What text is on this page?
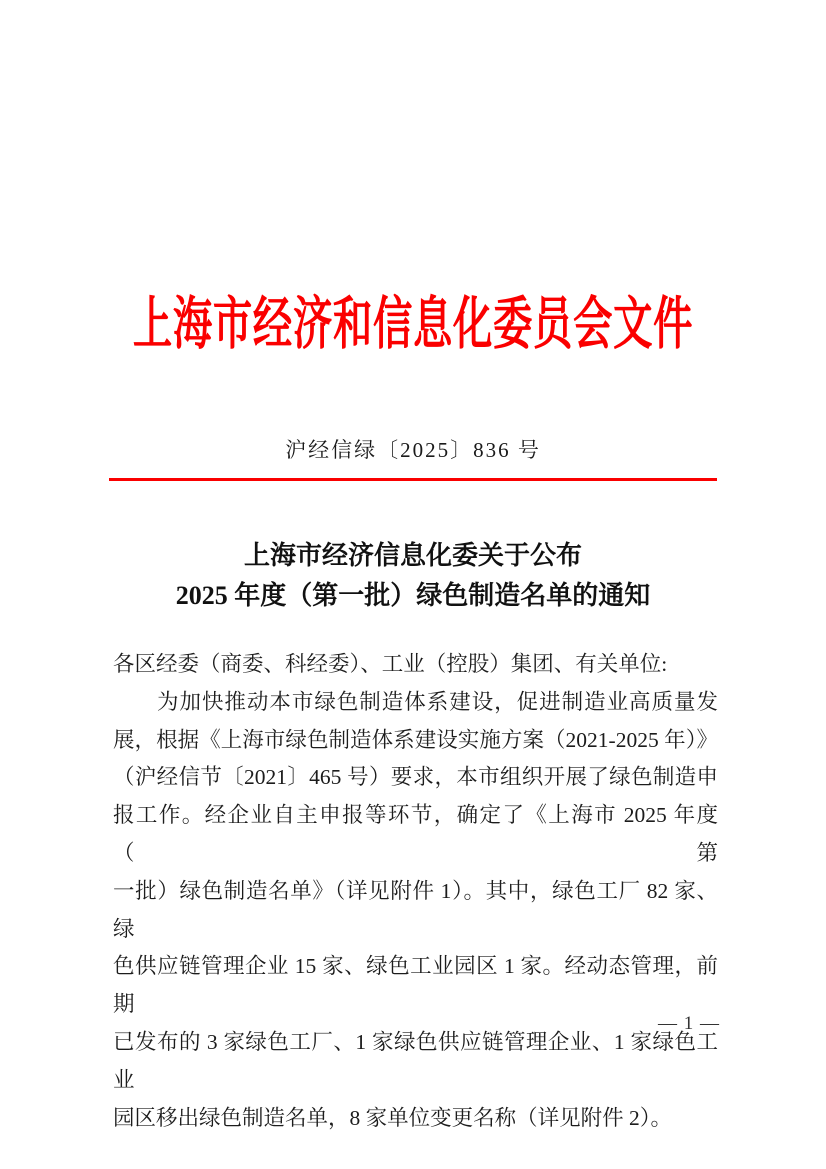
上海市经济和信息化委员会文件
沪经信绿〔2025〕836 号
上海市经济信息化委关于公布
2025 年度（第一批）绿色制造名单的通知
各区经委（商委、科经委）、工业（控股）集团、有关单位:
为加快推动本市绿色制造体系建设，促进制造业高质量发
展，根据《上海市绿色制造体系建设实施方案（2021-2025 年）》
（沪经信节〔2021〕465 号）要求，本市组织开展了绿色制造申
报工作。经企业自主申报等环节，确定了《上海市 2025 年度（第
一批）绿色制造名单》（详见附件 1）。其中，绿色工厂 82 家、绿
色供应链管理企业 15 家、绿色工业园区 1 家。经动态管理，前期
已发布的 3 家绿色工厂、1 家绿色供应链管理企业、1 家绿色工业
园区移出绿色制造名单，8 家单位变更名称（详见附件 2）。
— 1 —
